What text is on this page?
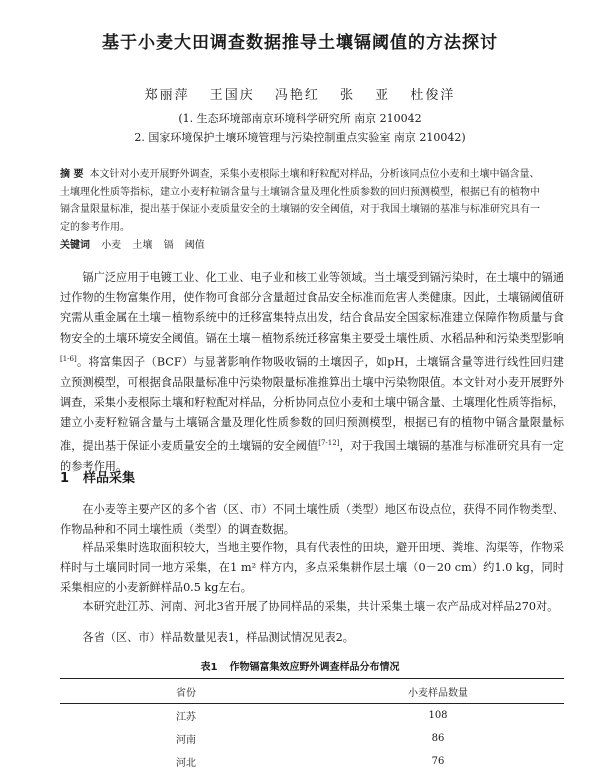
基于小麦大田调查数据推导土壤镉阈值的方法探讨
郑丽萍 王国庆 冯艳红 张 亚 杜俊洋
(1. 生态环境部南京环境科学研究所 南京 210042
2. 国家环境保护土壤环境管理与污染控制重点实验室 南京 210042)
摘 要 本文针对小麦开展野外调查，采集小麦根际土壤和籽粒配对样品，分析该同点位小麦和土壤中镉含量、土壤理化性质等指标，建立小麦籽粒镉含量与土壤镉含量及理化性质参数的回归预测模型，根据已有的植物中镉含量限量标准，提出基于保证小麦质量安全的土壤镉的安全阈值，对于我国土壤镉的基准与标准研究具有一定的参考作用。
关键词 小麦 土壤 镉 阈值
镉广泛应用于电镀工业、化工业、电子业和核工业等领域。当土壤受到镉污染时，在土壤中的镉通过作物的生物富集作用，使作物可食部分含量超过食品安全标准而危害人类健康。因此，土壤镉阈值研究需从重金属在土壤－植物系统中的迁移富集特点出发，结合食品安全国家标准建立保障作物质量与食物安全的土壤环境安全阈值。镉在土壤－植物系统迁移富集主要受土壤性质、水稻品种和污染类型影响[1-6]。将富集因子（BCF）与显著影响作物吸收镉的土壤因子，如pH，土壤镉含量等进行线性回归建立预测模型，可根据食品限量标准中污染物限量标准推算出土壤中污染物限值。本文针对小麦开展野外调查，采集小麦根际土壤和籽粒配对样品，分析协同点位小麦和土壤中镉含量、土壤理化性质等指标，建立小麦籽粒镉含量与土壤镉含量及理化性质参数的回归预测模型，根据已有的植物中镉含量限量标准，提出基于保证小麦质量安全的土壤镉的安全阈值[7-12]，对于我国土壤镉的基准与标准研究具有一定的参考作用。
1 样品采集
在小麦等主要产区的多个省（区、市）不同土壤性质（类型）地区布设点位，获得不同作物类型、作物品种和不同土壤性质（类型）的调查数据。
样品采集时选取面积较大，当地主要作物，具有代表性的田块，避开田埂、粪堆、沟渠等，作物采样时与土壤同时同一地方采集，在1 m² 样方内，多点采集耕作层土壤（0－20 cm）约1.0 kg，同时采集相应的小麦新鲜样品0.5 kg左右。
本研究赴江苏、河南、河北3省开展了协同样品的采集，共计采集土壤－农产品成对样品270对。
各省（区、市）样品数量见表1，样品测试情况见表2。
表1 作物镉富集效应野外调查样品分布情况
省份	小麦样品数量
江苏	108
河南	86
河北	76
